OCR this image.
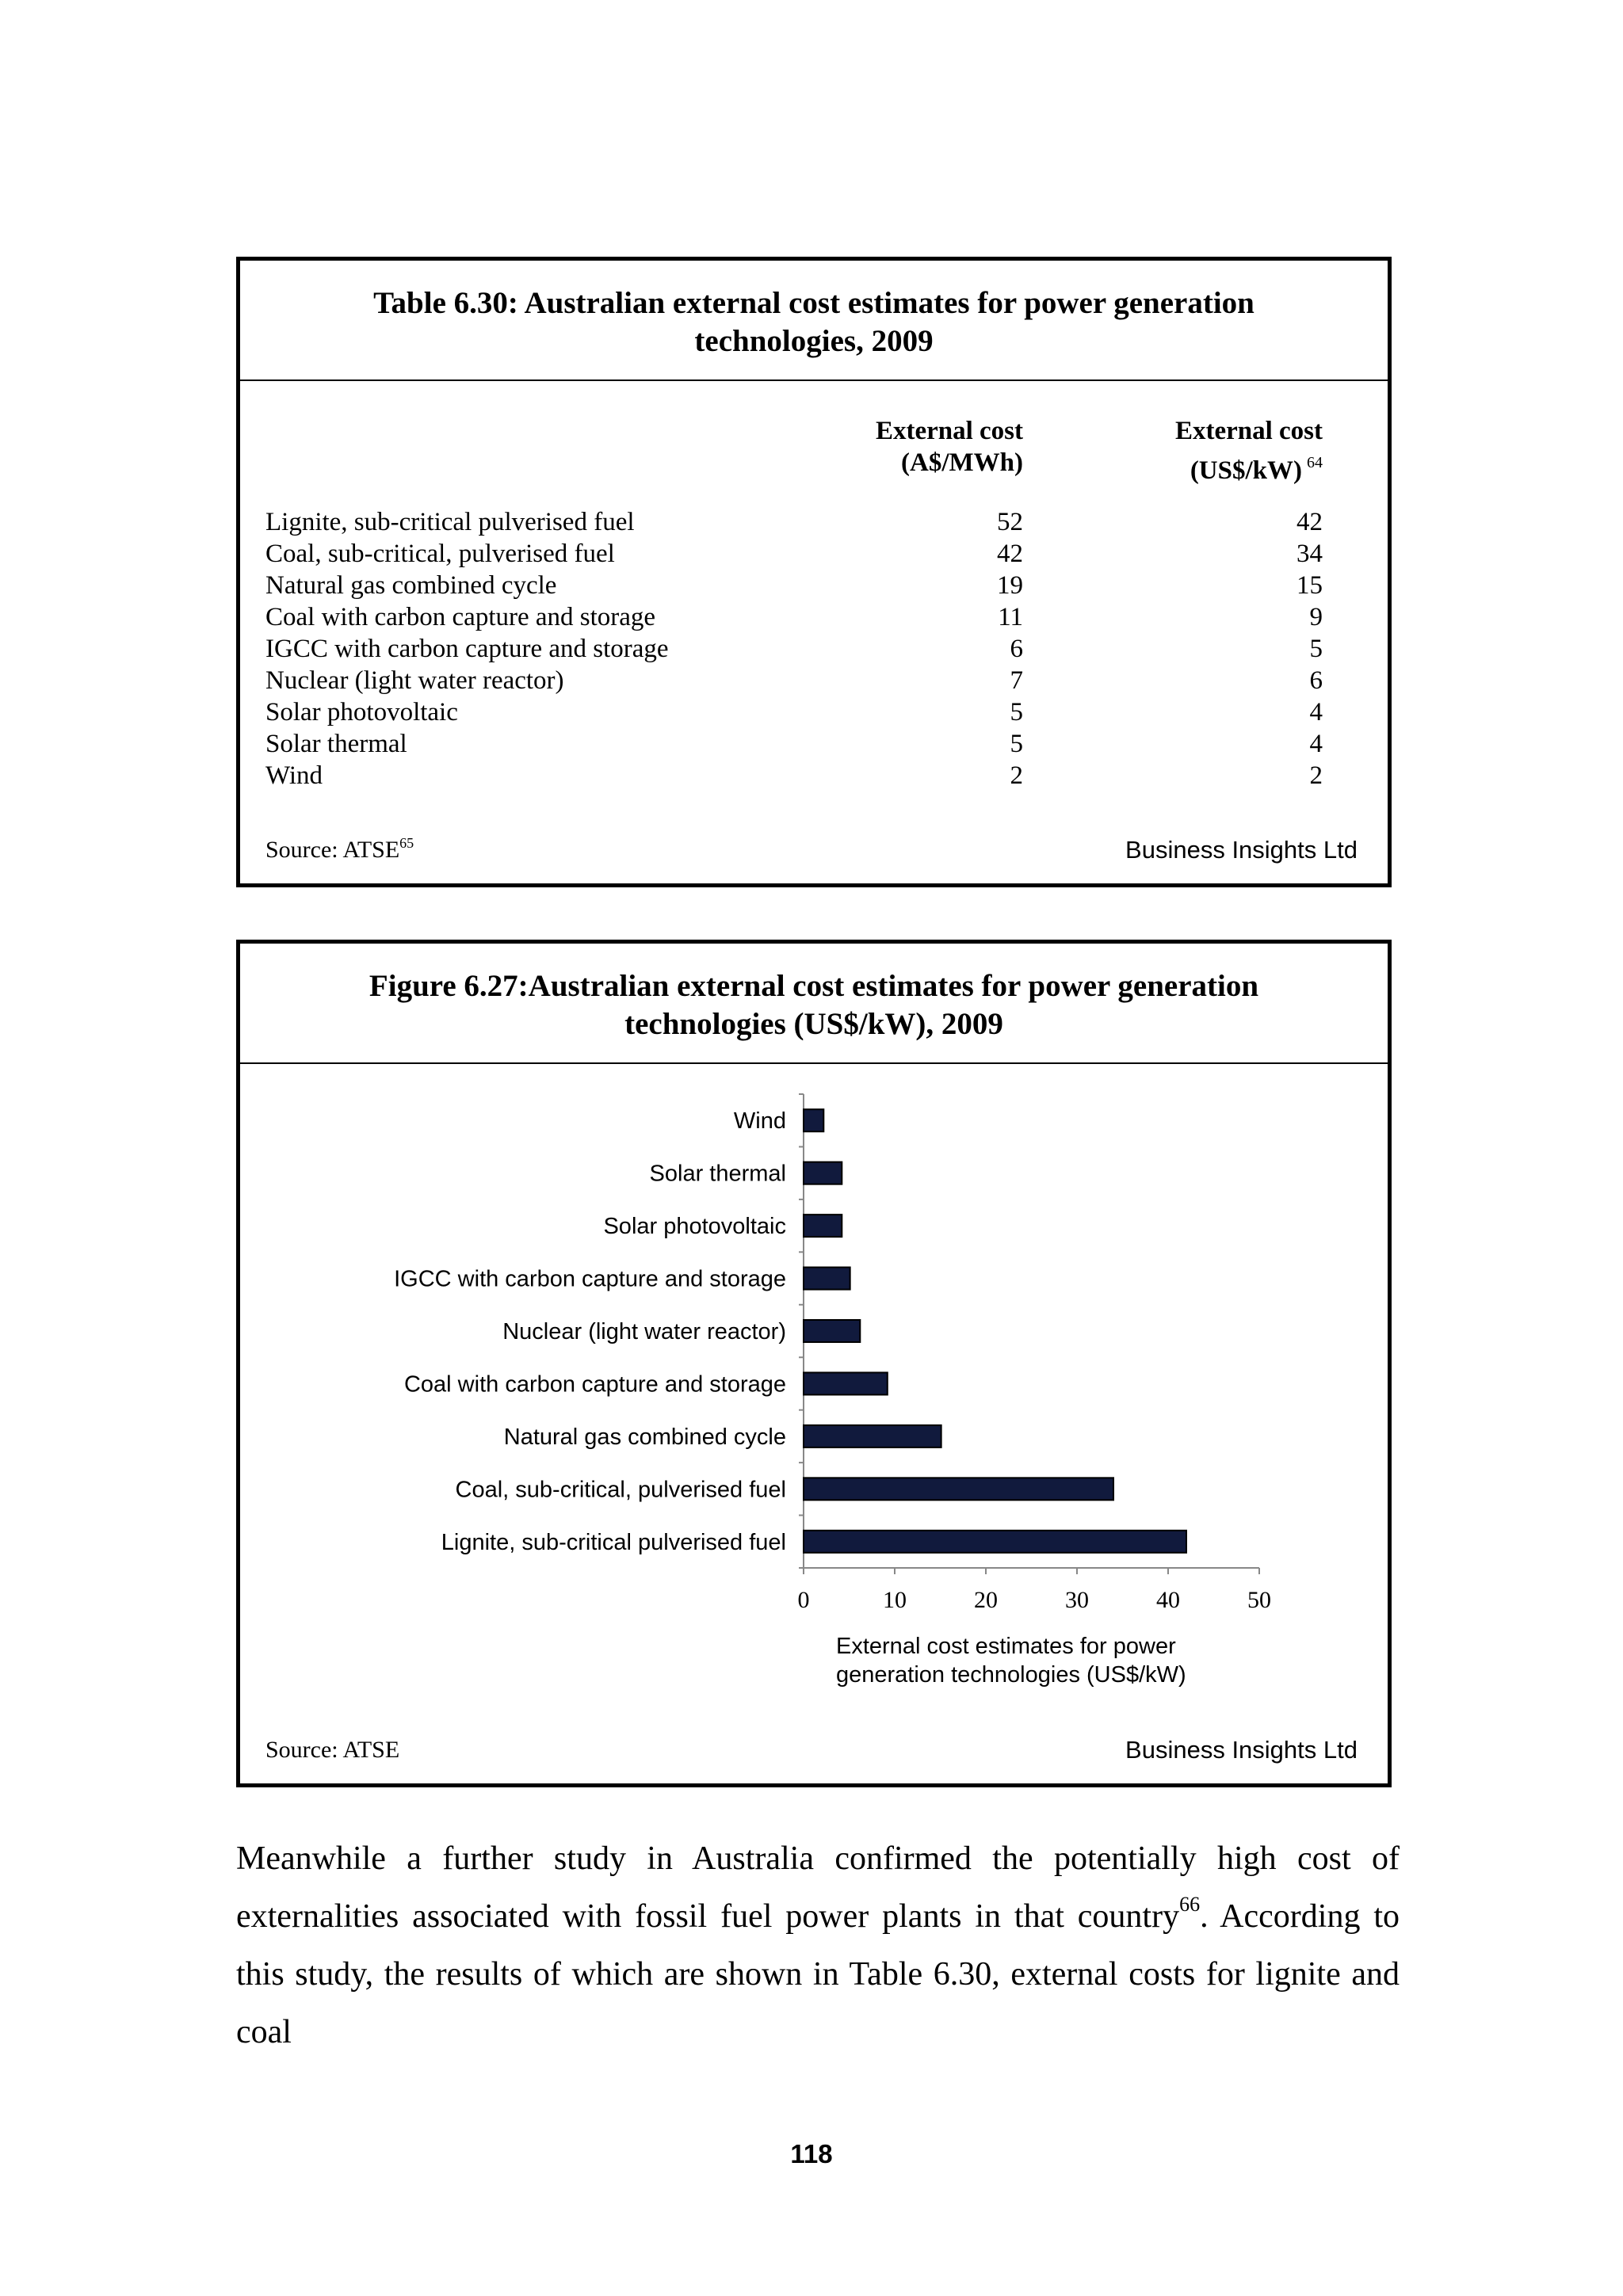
Table 6.30: Australian external cost estimates for power generation
technologies, 2009
External cost
(A$/MWh)
External cost
(US$/kW) $^{64}$
Lignite, sub-critical pulverised fuel	52	42
Coal, sub-critical, pulverised fuel	42	34
Natural gas combined cycle	19	15
Coal with carbon capture and storage	11	9
IGCC with carbon capture and storage	6	5
Nuclear (light water reactor)	7	6
Solar photovoltaic	5	4
Solar thermal	5	4
Wind	2	2
Source: ATSE$^{65}$	Business Insights Ltd
Figure 6.27:Australian external cost estimates for power generation
technologies (US$/kW), 2009
Wind
Solar thermal
Solar photovoltaic
IGCC with carbon capture and storage
Nuclear (light water reactor)
Coal with carbon capture and storage
Natural gas combined cycle
Coal, sub-critical, pulverised fuel
Lignite, sub-critical pulverised fuel
0	10	20	30	40	50
External cost estimates for power
generation technologies (US$/kW)
Source: ATSE	Business Insights Ltd

Meanwhile a further study in Australia confirmed the potentially high cost of externalities associated with fossil fuel power plants in that country$^{66}$. According to this study, the results of which are shown in Table 6.30, external costs for lignite and coal

118
